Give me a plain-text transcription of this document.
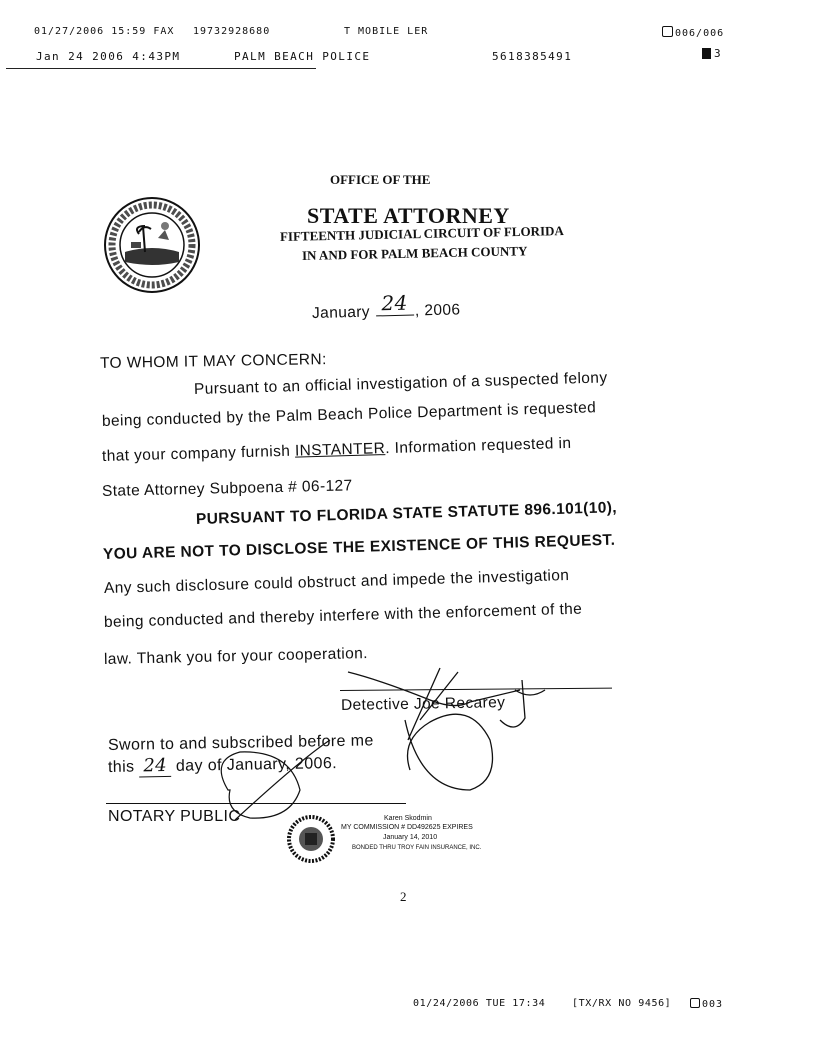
01/27/2006 15:59 FAX 19732928680	T MOBILE LER	006/006
Jan 24 2006 4:43PM	PALM BEACH POLICE	5618385491	3
OFFICE OF THE
STATE ATTORNEY
FIFTEENTH JUDICIAL CIRCUIT OF FLORIDA
IN AND FOR PALM BEACH COUNTY
January 24 , 2006
TO WHOM IT MAY CONCERN:
Pursuant to an official investigation of a suspected felony
being conducted by the Palm Beach Police Department is requested
that your company furnish INSTANTER. Information requested in
State Attorney Subpoena # 06-127
PURSUANT TO FLORIDA STATE STATUTE 896.101(10),
YOU ARE NOT TO DISCLOSE THE EXISTENCE OF THIS REQUEST.
Any such disclosure could obstruct and impede the investigation
being conducted and thereby interfere with the enforcement of the
law. Thank you for your cooperation.
Detective Joe Recarey
Sworn to and subscribed before me
this 24 day of January, 2006.
NOTARY PUBLIC	Karen Skodmin
MY COMMISSION # DD492625 EXPIRES
January 14, 2010
BONDED THRU TROY FAIN INSURANCE, INC.
2
01/24/2006 TUE 17:34	[TX/RX NO 9456]	003
